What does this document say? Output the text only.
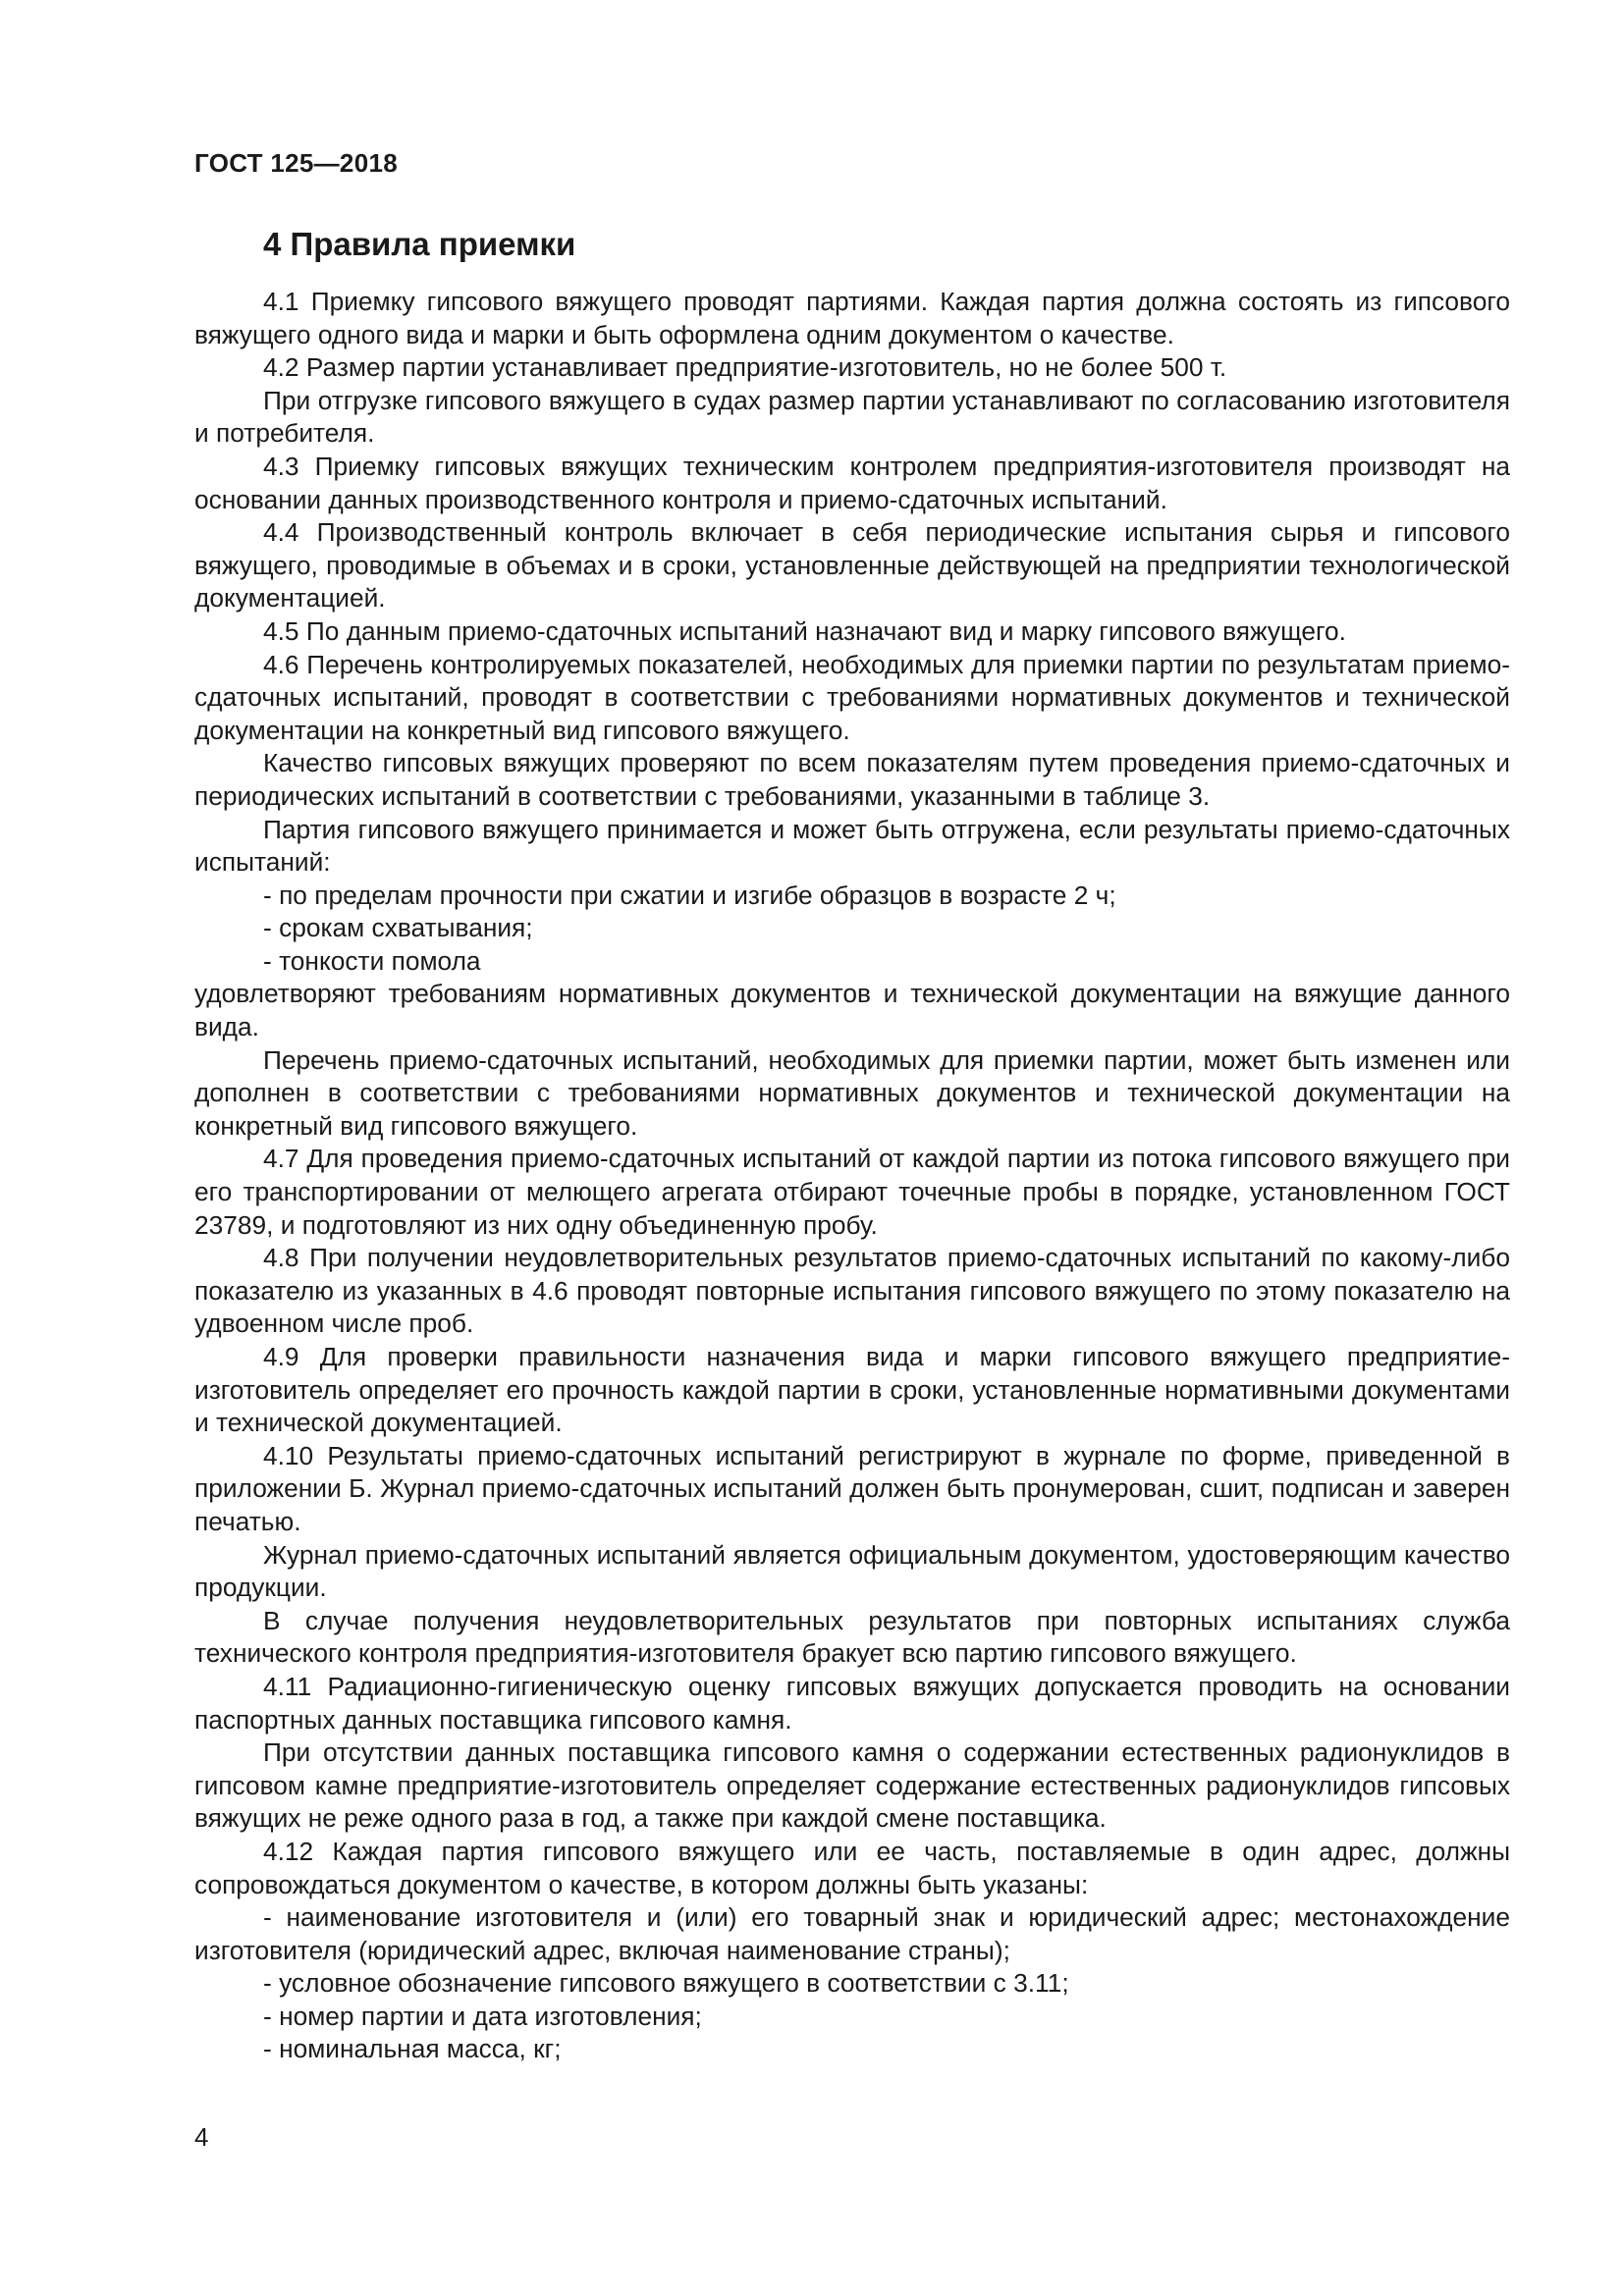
ГОСТ 125—2018

4 Правила приемки

4.1 Приемку гипсового вяжущего проводят партиями. Каждая партия должна состоять из гипсового вяжущего одного вида и марки и быть оформлена одним документом о качестве.

4.2 Размер партии устанавливает предприятие-изготовитель, но не более 500 т.

При отгрузке гипсового вяжущего в судах размер партии устанавливают по согласованию изготовителя и потребителя.

4.3 Приемку гипсовых вяжущих техническим контролем предприятия-изготовителя производят на основании данных производственного контроля и приемо-сдаточных испытаний.

4.4 Производственный контроль включает в себя периодические испытания сырья и гипсового вяжущего, проводимые в объемах и в сроки, установленные действующей на предприятии технологической документацией.

4.5 По данным приемо-сдаточных испытаний назначают вид и марку гипсового вяжущего.

4.6 Перечень контролируемых показателей, необходимых для приемки партии по результатам приемо-сдаточных испытаний, проводят в соответствии с требованиями нормативных документов и технической документации на конкретный вид гипсового вяжущего.

Качество гипсовых вяжущих проверяют по всем показателям путем проведения приемо-сдаточных и периодических испытаний в соответствии с требованиями, указанными в таблице 3.

Партия гипсового вяжущего принимается и может быть отгружена, если результаты приемо-сдаточных испытаний:

- по пределам прочности при сжатии и изгибе образцов в возрасте 2 ч;

- срокам схватывания;

- тонкости помола

удовлетворяют требованиям нормативных документов и технической документации на вяжущие данного вида.

Перечень приемо-сдаточных испытаний, необходимых для приемки партии, может быть изменен или дополнен в соответствии с требованиями нормативных документов и технической документации на конкретный вид гипсового вяжущего.

4.7 Для проведения приемо-сдаточных испытаний от каждой партии из потока гипсового вяжущего при его транспортировании от мелющего агрегата отбирают точечные пробы в порядке, установленном ГОСТ 23789, и подготовляют из них одну объединенную пробу.

4.8 При получении неудовлетворительных результатов приемо-сдаточных испытаний по какому-либо показателю из указанных в 4.6 проводят повторные испытания гипсового вяжущего по этому показателю на удвоенном числе проб.

4.9 Для проверки правильности назначения вида и марки гипсового вяжущего предприятие-изготовитель определяет его прочность каждой партии в сроки, установленные нормативными документами и технической документацией.

4.10 Результаты приемо-сдаточных испытаний регистрируют в журнале по форме, приведенной в приложении Б. Журнал приемо-сдаточных испытаний должен быть пронумерован, сшит, подписан и заверен печатью.

Журнал приемо-сдаточных испытаний является официальным документом, удостоверяющим качество продукции.

В случае получения неудовлетворительных результатов при повторных испытаниях служба технического контроля предприятия-изготовителя бракует всю партию гипсового вяжущего.

4.11 Радиационно-гигиеническую оценку гипсовых вяжущих допускается проводить на основании паспортных данных поставщика гипсового камня.

При отсутствии данных поставщика гипсового камня о содержании естественных радионуклидов в гипсовом камне предприятие-изготовитель определяет содержание естественных радионуклидов гипсовых вяжущих не реже одного раза в год, а также при каждой смене поставщика.

4.12 Каждая партия гипсового вяжущего или ее часть, поставляемые в один адрес, должны сопровождаться документом о качестве, в котором должны быть указаны:

- наименование изготовителя и (или) его товарный знак и юридический адрес; местонахождение изготовителя (юридический адрес, включая наименование страны);

- условное обозначение гипсового вяжущего в соответствии с 3.11;

- номер партии и дата изготовления;

- номинальная масса, кг;

4
